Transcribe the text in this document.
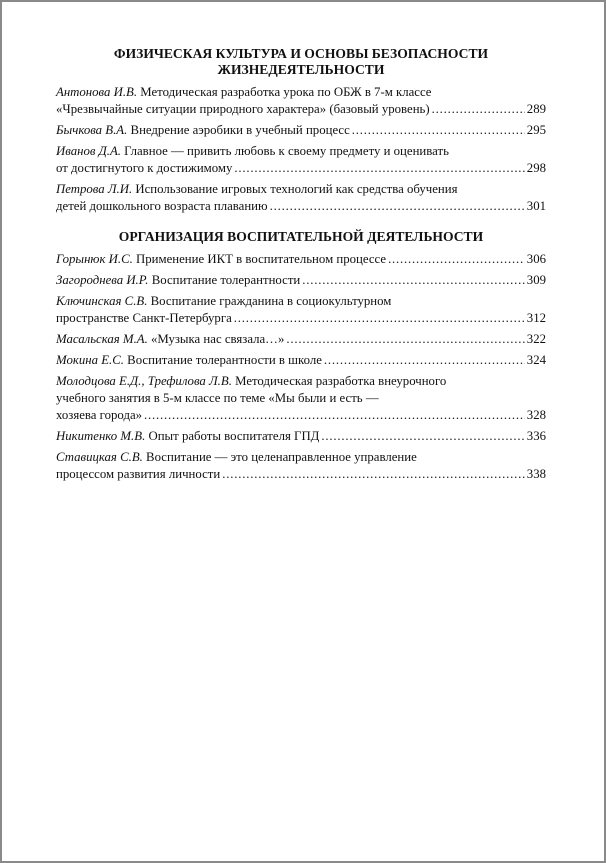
ФИЗИЧЕСКАЯ КУЛЬТУРА И ОСНОВЫ БЕЗОПАСНОСТИ
ЖИЗНЕДЕЯТЕЛЬНОСТИ
Антонова И.В. Методическая разработка урока по ОБЖ в 7-м классе
«Чрезвычайные ситуации природного характера» (базовый уровень) . . .	289
Бычкова В.А. Внедрение аэробики в учебный процесс . . .	295
Иванов Д.А. Главное — привить любовь к своему предмету и оценивать
от достигнутого к достижимому . . .	298
Петрова Л.И. Использование игровых технологий как средства обучения
детей дошкольного возраста плаванию . . .	301
ОРГАНИЗАЦИЯ ВОСПИТАТЕЛЬНОЙ ДЕЯТЕЛЬНОСТИ
Горынюк И.С. Применение ИКТ в воспитательном процессе . . .	306
Загороднева И.Р. Воспитание толерантности . . .	309
Ключинская С.В. Воспитание гражданина в социокультурном
пространстве Санкт-Петербурга . . .	312
Масальская М.А. «Музыка нас связала…» . . .	322
Мокина Е.С. Воспитание толерантности в школе . . .	324
Молодцова Е.Д., Трефилова Л.В. Методическая разработка внеурочного
учебного занятия в 5-м классе по теме «Мы были и есть —
хозяева города» . . .	328
Никитенко М.В. Опыт работы воспитателя ГПД . . .	336
Ставицкая С.В. Воспитание — это целенаправленное управление
процессом развития личности . . .	338
